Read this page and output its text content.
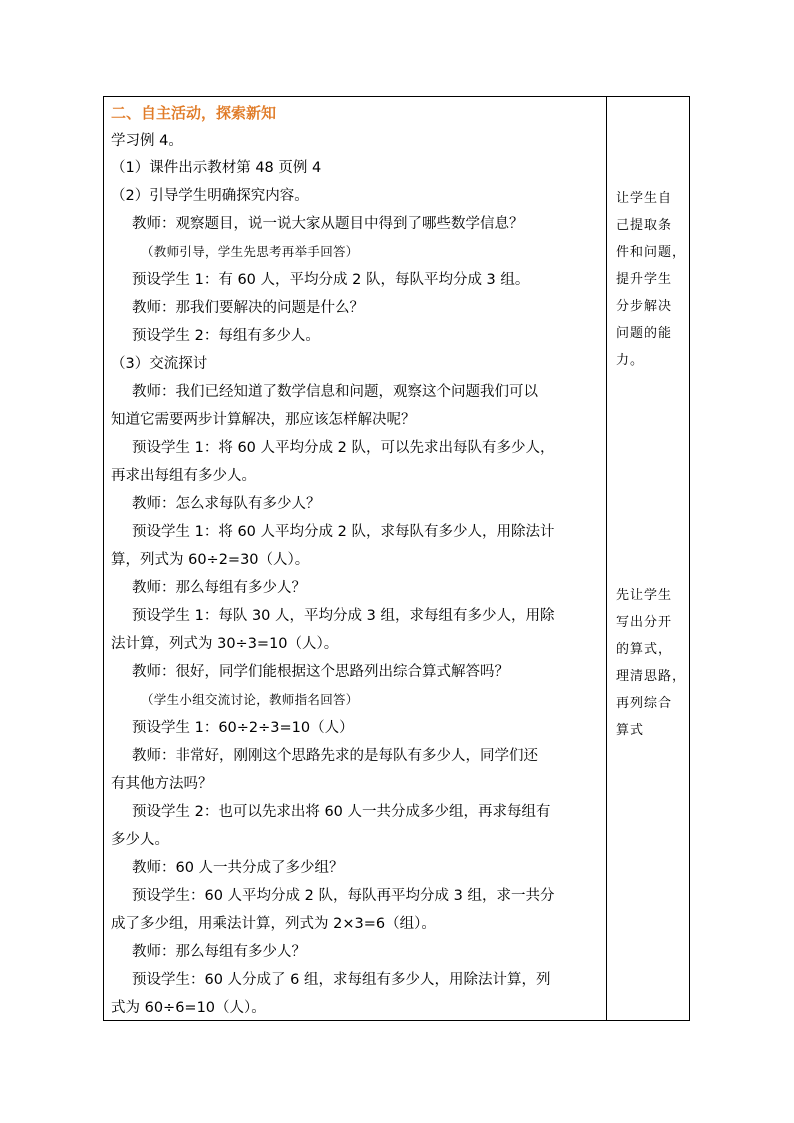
二、自主活动，探索新知
学习例 4。
（1）课件出示教材第 48 页例 4
（2）引导学生明确探究内容。
教师：观察题目，说一说大家从题目中得到了哪些数学信息？
（教师引导，学生先思考再举手回答）
预设学生 1：有 60 人，平均分成 2 队，每队平均分成 3 组。
教师：那我们要解决的问题是什么？
预设学生 2：每组有多少人。
（3）交流探讨
教师：我们已经知道了数学信息和问题，观察这个问题我们可以
知道它需要两步计算解决，那应该怎样解决呢？
预设学生 1：将 60 人平均分成 2 队，可以先求出每队有多少人，
再求出每组有多少人。
教师：怎么求每队有多少人？
预设学生 1：将 60 人平均分成 2 队，求每队有多少人，用除法计
算，列式为 60÷2=30（人）。
教师：那么每组有多少人？
预设学生 1：每队 30 人，平均分成 3 组，求每组有多少人，用除
法计算，列式为 30÷3=10（人）。
教师：很好，同学们能根据这个思路列出综合算式解答吗？
（学生小组交流讨论，教师指名回答）
预设学生 1：60÷2÷3=10（人）
教师：非常好，刚刚这个思路先求的是每队有多少人，同学们还
有其他方法吗？
预设学生 2：也可以先求出将 60 人一共分成多少组，再求每组有
多少人。
教师：60 人一共分成了多少组？
预设学生：60 人平均分成 2 队，每队再平均分成 3 组，求一共分
成了多少组，用乘法计算，列式为 2×3=6（组）。
教师：那么每组有多少人？
预设学生：60 人分成了 6 组，求每组有多少人，用除法计算，列
式为 60÷6=10（人）。
让学生自
己提取条
件和问题，
提升学生
分步解决
问题的能
力。
先让学生
写出分开
的算式，
理清思路，
再列综合
算式
